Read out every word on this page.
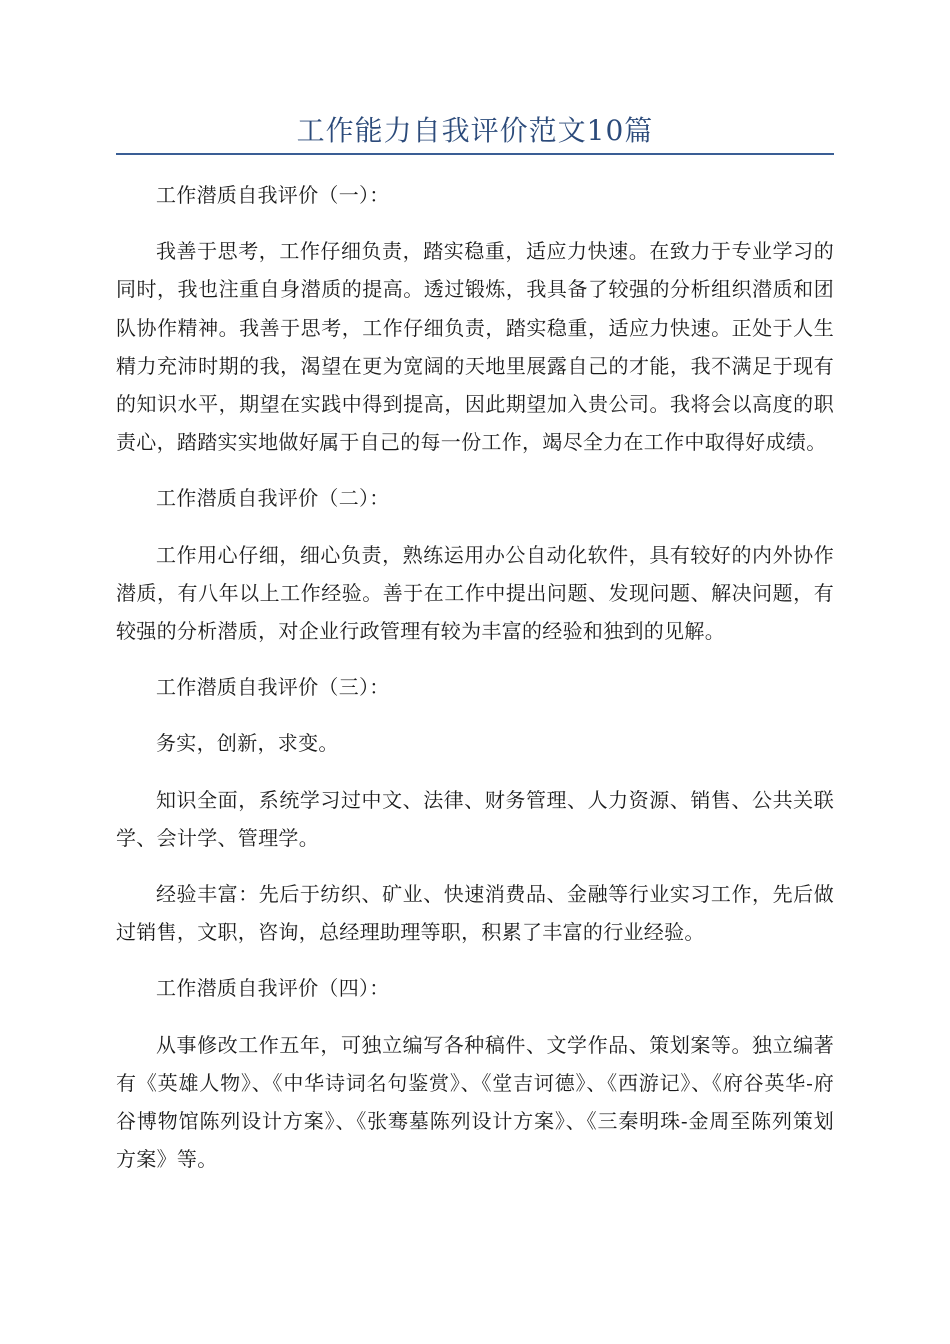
工作能力自我评价范文10篇

工作潜质自我评价（一）：

我善于思考，工作仔细负责，踏实稳重，适应力快速。在致力于专业学习的同时，我也注重自身潜质的提高。透过锻炼，我具备了较强的分析组织潜质和团队协作精神。我善于思考，工作仔细负责，踏实稳重，适应力快速。正处于人生精力充沛时期的我，渴望在更为宽阔的天地里展露自己的才能，我不满足于现有的知识水平，期望在实践中得到提高，因此期望加入贵公司。我将会以高度的职责心，踏踏实实地做好属于自己的每一份工作，竭尽全力在工作中取得好成绩。

工作潜质自我评价（二）：

工作用心仔细，细心负责，熟练运用办公自动化软件，具有较好的内外协作潜质，有八年以上工作经验。善于在工作中提出问题、发现问题、解决问题，有较强的分析潜质，对企业行政管理有较为丰富的经验和独到的见解。

工作潜质自我评价（三）：

务实，创新，求变。

知识全面，系统学习过中文、法律、财务管理、人力资源、销售、公共关联学、会计学、管理学。

经验丰富：先后于纺织、矿业、快速消费品、金融等行业实习工作，先后做过销售，文职，咨询，总经理助理等职，积累了丰富的行业经验。

工作潜质自我评价（四）：

从事修改工作五年，可独立编写各种稿件、文学作品、策划案等。独立编著有《英雄人物》、《中华诗词名句鉴赏》、《堂吉诃德》、《西游记》、《府谷英华-府谷博物馆陈列设计方案》、《张骞墓陈列设计方案》、《三秦明珠-金周至陈列策划方案》等。
